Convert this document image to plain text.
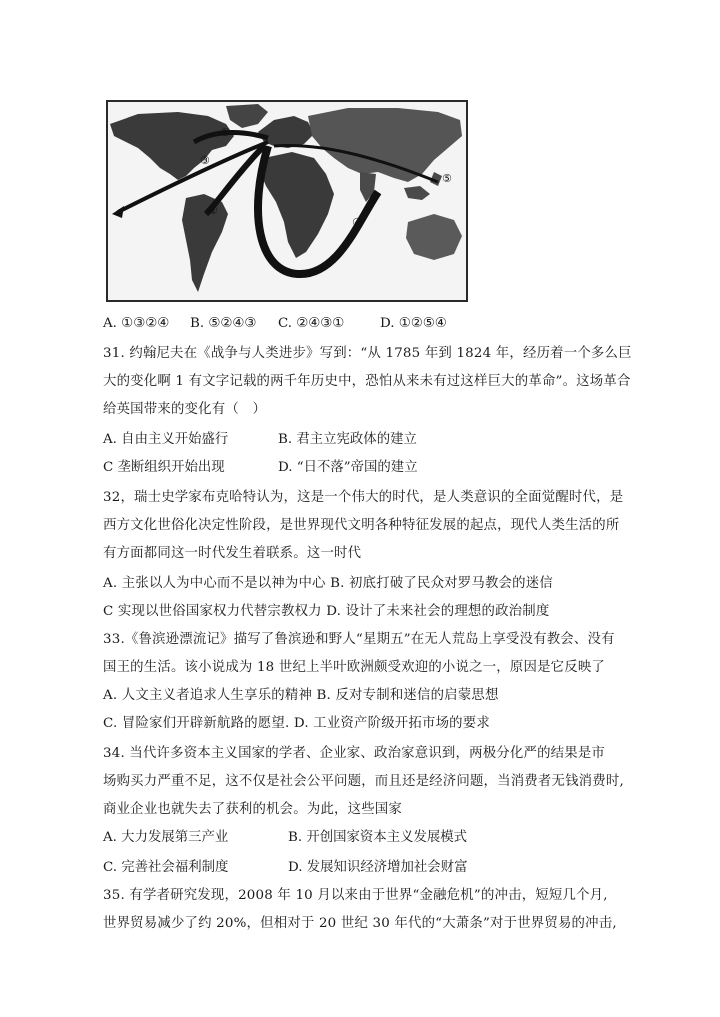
①
②
③
④
⑤
A. ①③②④ B. ⑤②④③ C. ②④③①	D. ①②⑤④
31. 约翰尼夫在《战争与人类进步》写到：“从 1785 年到 1824 年，经历着一个多么巨
大的变化啊 1 有文字记载的两千年历史中，恐怕从来未有过这样巨大的革命”。这场革合
给英国带来的变化有（　）
A. 自由主义开始盛行	B. 君主立宪政体的建立
C 垄断组织开始出现	D. “日不落”帝国的建立
32，瑞士史学家布克哈特认为，这是一个伟大的时代，是人类意识的全面觉醒时代，是
西方文化世俗化决定性阶段，是世界现代文明各种特征发展的起点，现代人类生活的所
有方面都同这一时代发生着联系。这一时代
A. 主张以人为中心而不是以神为中心 B. 初底打破了民众对罗马教会的迷信
C 实现以世俗国家权力代替宗教权力 D. 设计了未来社会的理想的政治制度
33.《鲁滨逊漂流记》描写了鲁滨逊和野人“星期五”在无人荒岛上享受没有教会、没有
国王的生活。该小说成为 18 世纪上半叶欧洲颇受欢迎的小说之一，原因是它反映了
A. 人文主义者追求人生享乐的精神 B. 反对专制和迷信的启蒙思想
C. 冒险家们开辟新航路的愿望. D. 工业资产阶级开拓市场的要求
34. 当代许多资本主义国家的学者、企业家、政治家意识到，两极分化严的结果是市
场购买力严重不足，这不仅是社会公平问题，而且还是经济问题，当消费者无钱消费时,
商业企业也就失去了获利的机会。为此，这些国家
A. 大力发展第三产业	B. 开创国家资本主义发展模式
C. 完善社会福利制度	D. 发展知识经济增加社会财富
35. 有学者研究发现，2008 年 10 月以来由于世界“金融危机”的冲击，短短几个月,
世界贸易减少了约 20%，但相对于 20 世纪 30 年代的“大萧条”对于世界贸易的冲击,
